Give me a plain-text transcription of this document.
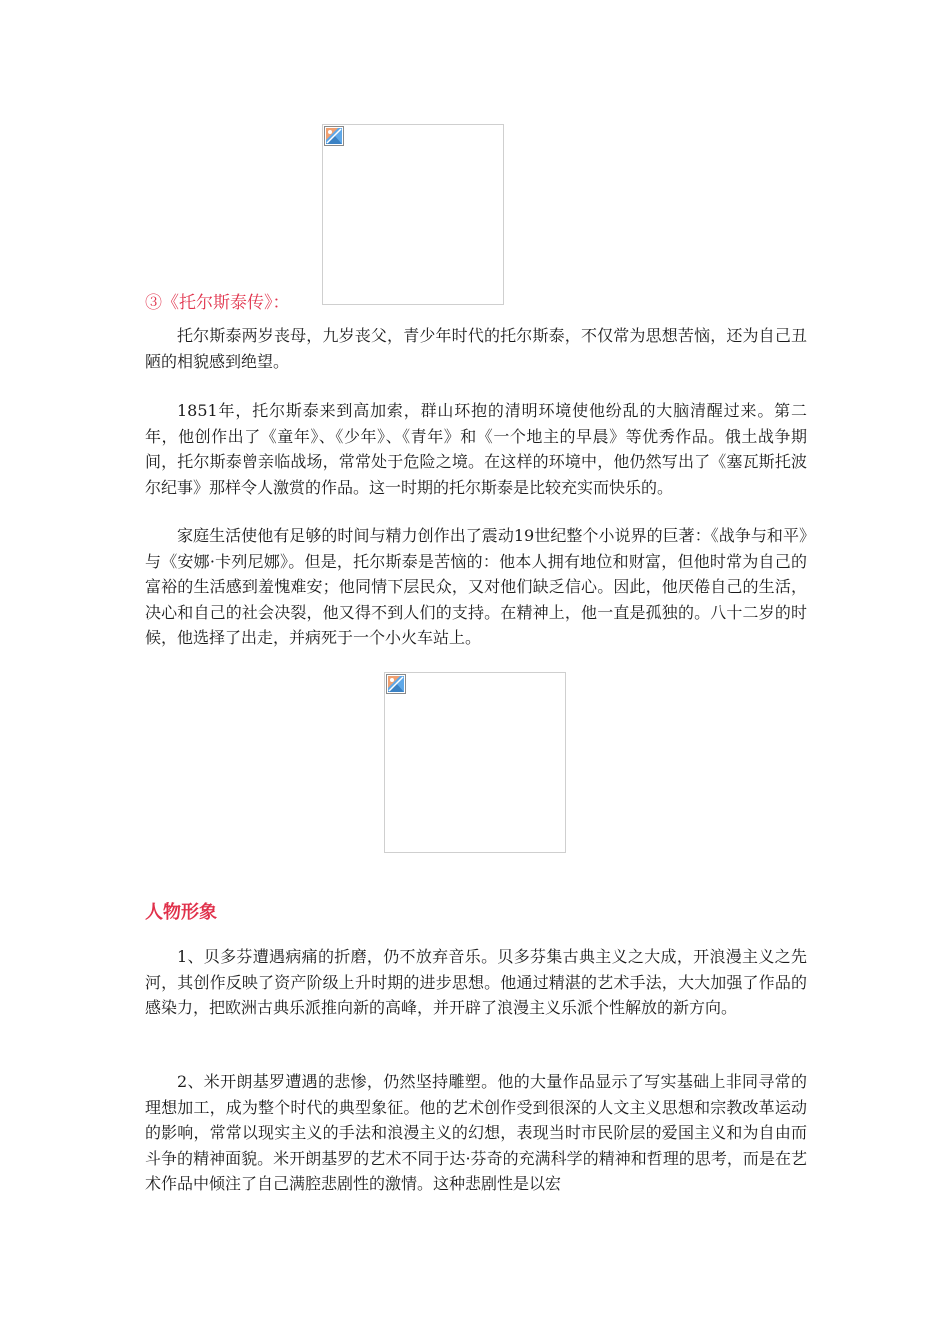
③《托尔斯泰传》：

托尔斯泰两岁丧母，九岁丧父，青少年时代的托尔斯泰，不仅常为思想苦恼，还为自己丑陋的相貌感到绝望。

1851年，托尔斯泰来到高加索，群山环抱的清明环境使他纷乱的大脑清醒过来。第二年，他创作出了《童年》、《少年》、《青年》和《一个地主的早晨》等优秀作品。俄土战争期间，托尔斯泰曾亲临战场，常常处于危险之境。在这样的环境中，他仍然写出了《塞瓦斯托波尔纪事》那样令人激赏的作品。这一时期的托尔斯泰是比较充实而快乐的。

家庭生活使他有足够的时间与精力创作出了震动19世纪整个小说界的巨著：《战争与和平》与《安娜·卡列尼娜》。但是，托尔斯泰是苦恼的：他本人拥有地位和财富，但他时常为自己的富裕的生活感到羞愧难安；他同情下层民众，又对他们缺乏信心。因此，他厌倦自己的生活，决心和自己的社会决裂，他又得不到人们的支持。在精神上，他一直是孤独的。八十二岁的时候，他选择了出走，并病死于一个小火车站上。

人物形象

1、贝多芬遭遇病痛的折磨，仍不放弃音乐。贝多芬集古典主义之大成，开浪漫主义之先河，其创作反映了资产阶级上升时期的进步思想。他通过精湛的艺术手法，大大加强了作品的感染力，把欧洲古典乐派推向新的高峰，并开辟了浪漫主义乐派个性解放的新方向。

2、米开朗基罗遭遇的悲惨，仍然坚持雕塑。他的大量作品显示了写实基础上非同寻常的理想加工，成为整个时代的典型象征。他的艺术创作受到很深的人文主义思想和宗教改革运动的影响，常常以现实主义的手法和浪漫主义的幻想，表现当时市民阶层的爱国主义和为自由而斗争的精神面貌。米开朗基罗的艺术不同于达·芬奇的充满科学的精神和哲理的思考，而是在艺术作品中倾注了自己满腔悲剧性的激情。这种悲剧性是以宏
